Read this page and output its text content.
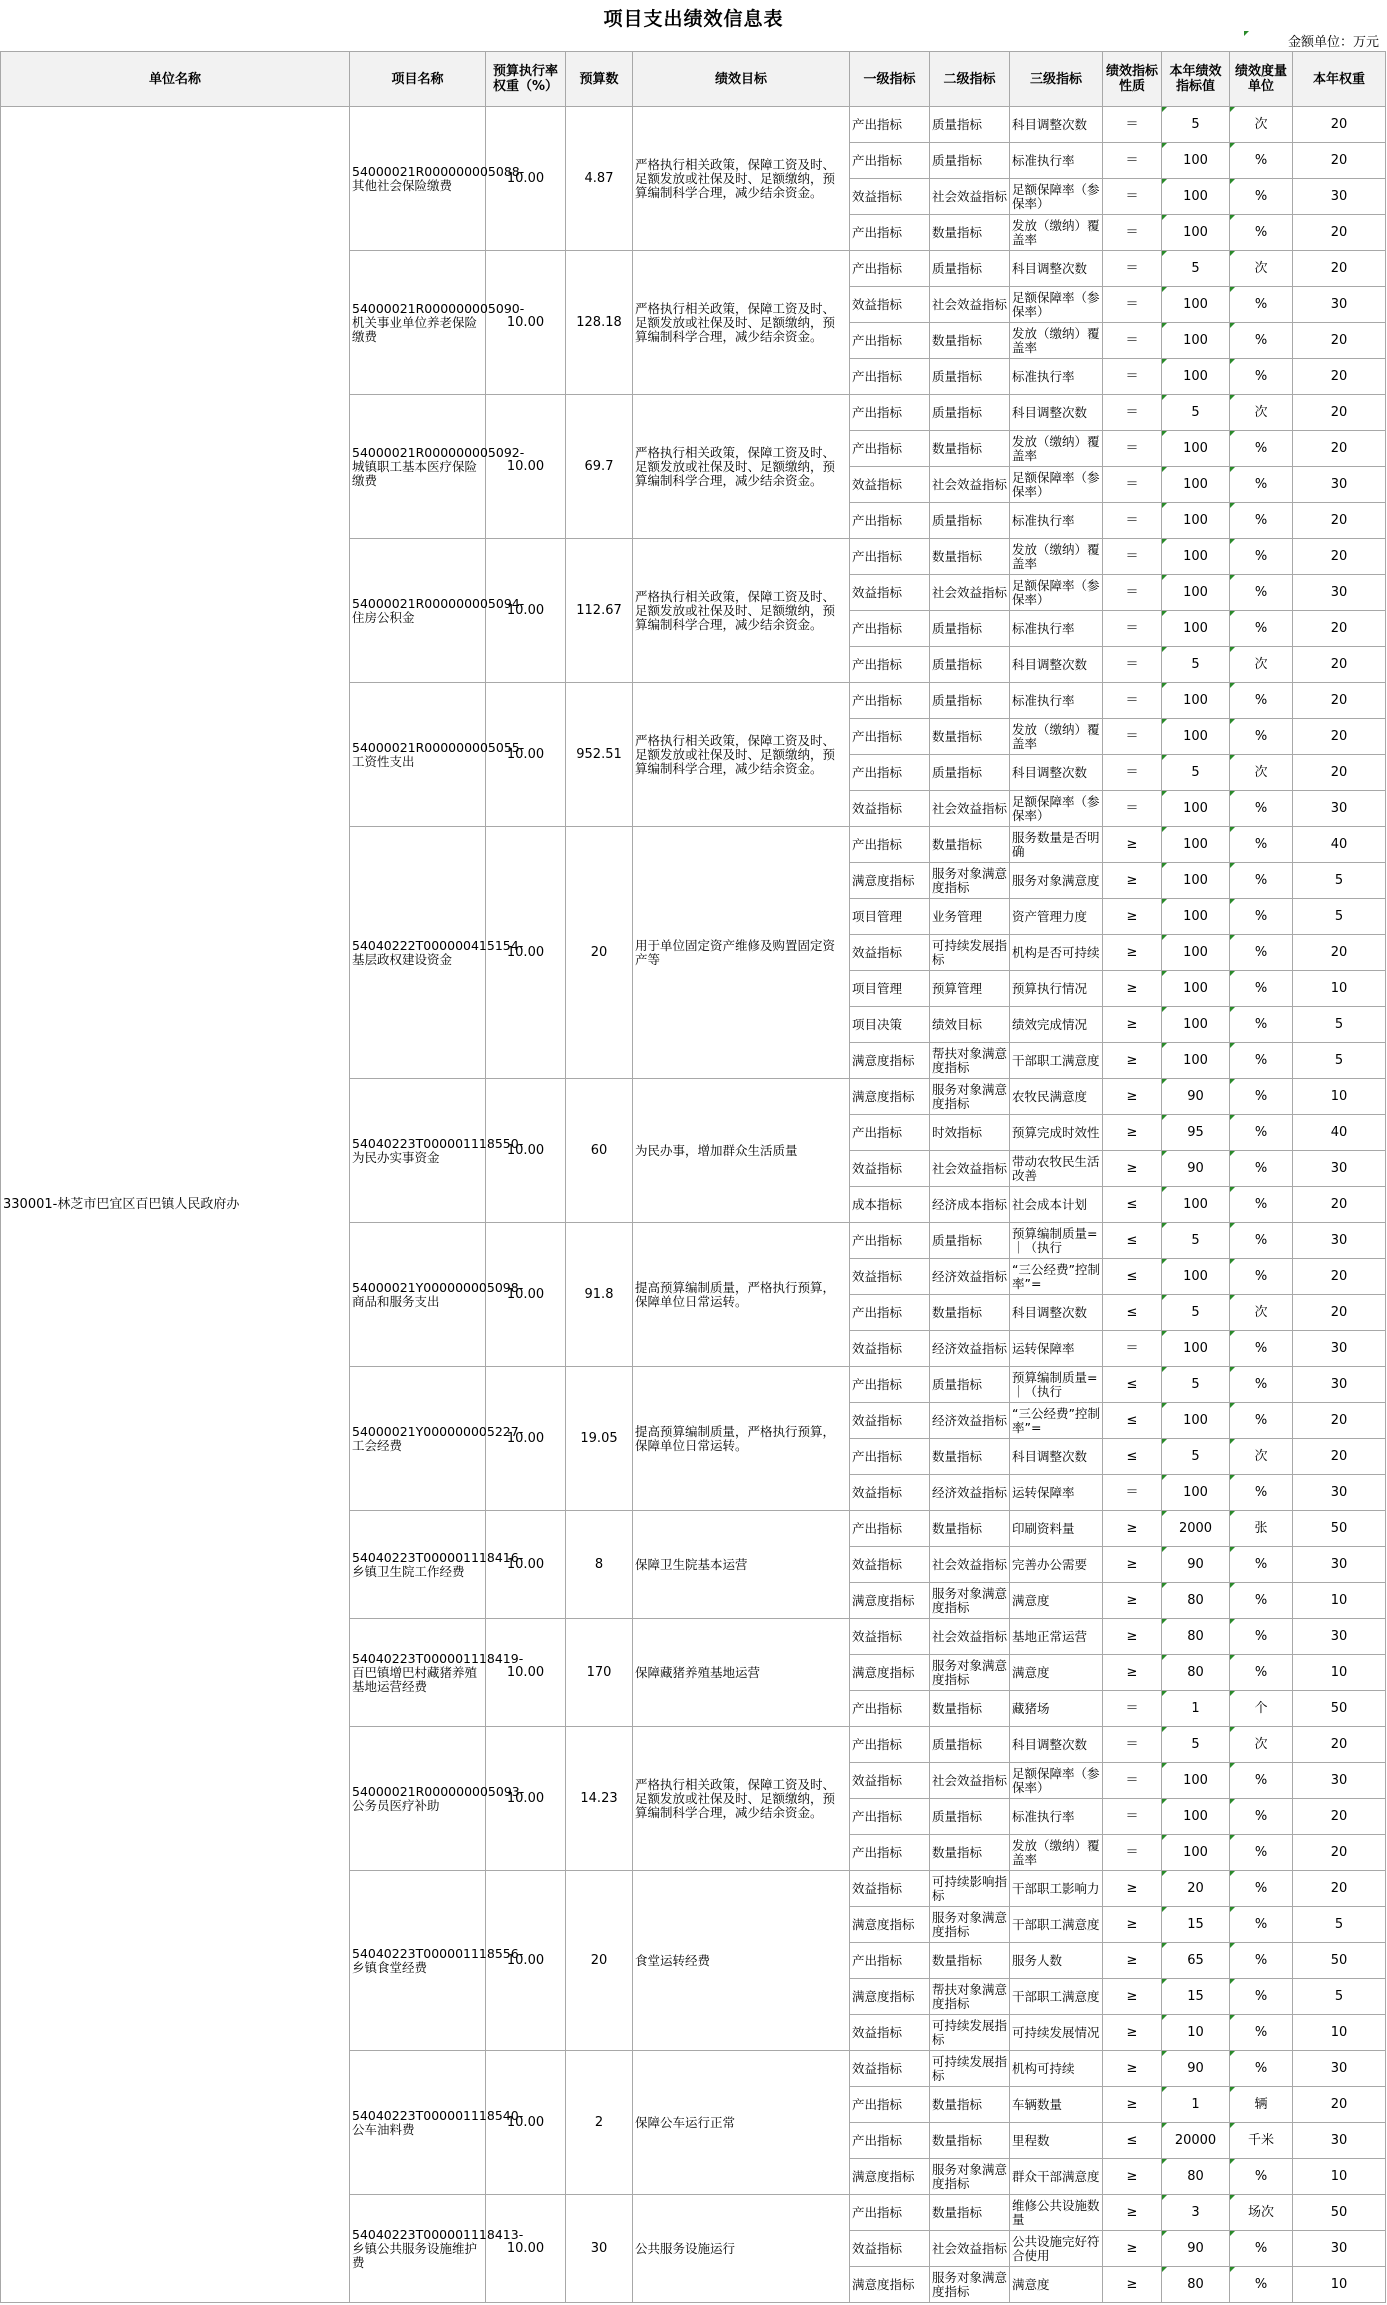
项目支出绩效信息表
金额单位：万元
单位名称	项目名称	预算执行率权重（%）	预算数	绩效目标	一级指标	二级指标	三级指标	绩效指标性质	本年绩效指标值	绩效度量单位	本年权重
330001-林芝市巴宜区百巴镇人民政府办	54000021R000000005088-其他社会保险缴费	10.00	4.87	严格执行相关政策，保障工资及时、足额发放或社保及时、足额缴纳，预算编制科学合理，减少结余资金。	产出指标	质量指标	科目调整次数	＝	5	次	20
					产出指标	质量指标	标准执行率	＝	100	%	20
					效益指标	社会效益指标	足额保障率（参保率）	＝	100	%	30
					产出指标	数量指标	发放（缴纳）覆盖率	＝	100	%	20
	54000021R000000005090-机关事业单位养老保险缴费	10.00	128.18	严格执行相关政策，保障工资及时、足额发放或社保及时、足额缴纳，预算编制科学合理，减少结余资金。	产出指标	质量指标	科目调整次数	＝	5	次	20
					效益指标	社会效益指标	足额保障率（参保率）	＝	100	%	30
					产出指标	数量指标	发放（缴纳）覆盖率	＝	100	%	20
					产出指标	质量指标	标准执行率	＝	100	%	20
	54000021R000000005092-城镇职工基本医疗保险缴费	10.00	69.7	严格执行相关政策，保障工资及时、足额发放或社保及时、足额缴纳，预算编制科学合理，减少结余资金。	产出指标	质量指标	科目调整次数	＝	5	次	20
					产出指标	数量指标	发放（缴纳）覆盖率	＝	100	%	20
					效益指标	社会效益指标	足额保障率（参保率）	＝	100	%	30
					产出指标	质量指标	标准执行率	＝	100	%	20
	54000021R000000005094-住房公积金	10.00	112.67	严格执行相关政策，保障工资及时、足额发放或社保及时、足额缴纳，预算编制科学合理，减少结余资金。	产出指标	数量指标	发放（缴纳）覆盖率	＝	100	%	20
					效益指标	社会效益指标	足额保障率（参保率）	＝	100	%	30
					产出指标	质量指标	标准执行率	＝	100	%	20
					产出指标	质量指标	科目调整次数	＝	5	次	20
	54000021R000000005055-工资性支出	10.00	952.51	严格执行相关政策，保障工资及时、足额发放或社保及时、足额缴纳，预算编制科学合理，减少结余资金。	产出指标	质量指标	标准执行率	＝	100	%	20
					产出指标	数量指标	发放（缴纳）覆盖率	＝	100	%	20
					产出指标	质量指标	科目调整次数	＝	5	次	20
					效益指标	社会效益指标	足额保障率（参保率）	＝	100	%	30
	54040222T000000415154-基层政权建设资金	10.00	20	用于单位固定资产维修及购置固定资产等	产出指标	数量指标	服务数量是否明确	≥	100	%	40
					满意度指标	服务对象满意度指标	服务对象满意度	≥	100	%	5
					项目管理	业务管理	资产管理力度	≥	100	%	5
					效益指标	可持续发展指标	机构是否可持续	≥	100	%	20
					项目管理	预算管理	预算执行情况	≥	100	%	10
					项目决策	绩效目标	绩效完成情况	≥	100	%	5
					满意度指标	帮扶对象满意度指标	干部职工满意度	≥	100	%	5
	54040223T000001118550-为民办实事资金	10.00	60	为民办事，增加群众生活质量	满意度指标	服务对象满意度指标	农牧民满意度	≥	90	%	10
					产出指标	时效指标	预算完成时效性	≥	95	%	40
					效益指标	社会效益指标	带动农牧民生活改善	≥	90	%	30
					成本指标	经济成本指标	社会成本计划	≤	100	%	20
	54000021Y000000005098-商品和服务支出	10.00	91.8	提高预算编制质量，严格执行预算，保障单位日常运转。	产出指标	质量指标	预算编制质量=｜（执行	≤	5	%	30
					效益指标	经济效益指标	“三公经费”控制率”=	≤	100	%	20
					产出指标	数量指标	科目调整次数	≤	5	次	20
					效益指标	经济效益指标	运转保障率	＝	100	%	30
	54000021Y000000005227-工会经费	10.00	19.05	提高预算编制质量，严格执行预算，保障单位日常运转。	产出指标	质量指标	预算编制质量=｜（执行	≤	5	%	30
					效益指标	经济效益指标	“三公经费”控制率”=	≤	100	%	20
					产出指标	数量指标	科目调整次数	≤	5	次	20
					效益指标	经济效益指标	运转保障率	＝	100	%	30
	54040223T000001118416-乡镇卫生院工作经费	10.00	8	保障卫生院基本运营	产出指标	数量指标	印刷资料量	≥	2000	张	50
					效益指标	社会效益指标	完善办公需要	≥	90	%	30
					满意度指标	服务对象满意度指标	满意度	≥	80	%	10
	54040223T000001118419-百巴镇增巴村藏猪养殖基地运营经费	10.00	170	保障藏猪养殖基地运营	效益指标	社会效益指标	基地正常运营	≥	80	%	30
					满意度指标	服务对象满意度指标	满意度	≥	80	%	10
					产出指标	数量指标	藏猪场	＝	1	个	50
	54000021R000000005093-公务员医疗补助	10.00	14.23	严格执行相关政策，保障工资及时、足额发放或社保及时、足额缴纳，预算编制科学合理，减少结余资金。	产出指标	质量指标	科目调整次数	＝	5	次	20
					效益指标	社会效益指标	足额保障率（参保率）	＝	100	%	30
					产出指标	质量指标	标准执行率	＝	100	%	20
					产出指标	数量指标	发放（缴纳）覆盖率	＝	100	%	20
	54040223T000001118556-乡镇食堂经费	10.00	20	食堂运转经费	效益指标	可持续影响指标	干部职工影响力	≥	20	%	20
					满意度指标	服务对象满意度指标	干部职工满意度	≥	15	%	5
					产出指标	数量指标	服务人数	≥	65	%	50
					满意度指标	帮扶对象满意度指标	干部职工满意度	≥	15	%	5
					效益指标	可持续发展指标	可持续发展情况	≥	10	%	10
	54040223T000001118540-公车油料费	10.00	2	保障公车运行正常	效益指标	可持续发展指标	机构可持续	≥	90	%	30
					产出指标	数量指标	车辆数量	≥	1	辆	20
					产出指标	数量指标	里程数	≤	20000	千米	30
					满意度指标	服务对象满意度指标	群众干部满意度	≥	80	%	10
	54040223T000001118413-乡镇公共服务设施维护费	10.00	30	公共服务设施运行	产出指标	数量指标	维修公共设施数量	≥	3	场次	50
					效益指标	社会效益指标	公共设施完好符合使用	≥	90	%	30
					满意度指标	服务对象满意度指标	满意度	≥	80	%	10
